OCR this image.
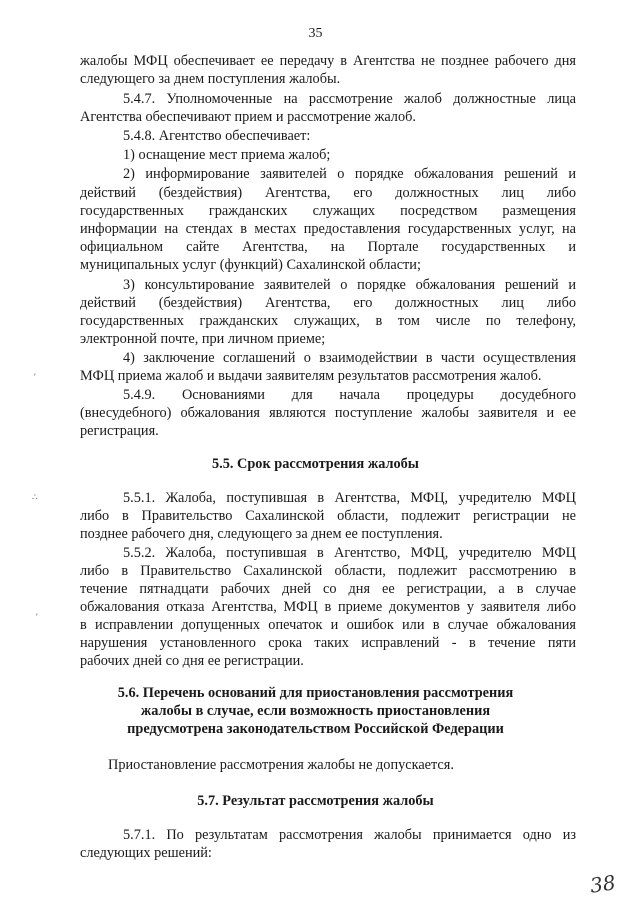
35
жалобы МФЦ обеспечивает ее передачу в Агентства не позднее рабочего дня
следующего за днем поступления жалобы.
5.4.7. Уполномоченные на рассмотрение жалоб должностные лица
Агентства обеспечивают прием и рассмотрение жалоб.
5.4.8. Агентство обеспечивает:
1) оснащение мест приема жалоб;
2) информирование заявителей о порядке обжалования решений и
действий (бездействия) Агентства, его должностных лиц либо
государственных гражданских служащих посредством размещения
информации на стендах в местах предоставления государственных услуг, на
официальном сайте Агентства, на Портале государственных и
муниципальных услуг (функций) Сахалинской области;
3) консультирование заявителей о порядке обжалования решений и
действий (бездействия) Агентства, его должностных лиц либо
государственных гражданских служащих, в том числе по телефону,
электронной почте, при личном приеме;
4) заключение соглашений о взаимодействии в части осуществления
МФЦ приема жалоб и выдачи заявителям результатов рассмотрения жалоб.
5.4.9. Основаниями для начала процедуры досудебного
(внесудебного) обжалования являются поступление жалобы заявителя и ее
регистрация.
5.5. Срок рассмотрения жалобы
5.5.1. Жалоба, поступившая в Агентства, МФЦ, учредителю МФЦ
либо в Правительство Сахалинской области, подлежит регистрации не
позднее рабочего дня, следующего за днем ее поступления.
5.5.2. Жалоба, поступившая в Агентство, МФЦ, учредителю МФЦ
либо в Правительство Сахалинской области, подлежит рассмотрению в
течение пятнадцати рабочих дней со дня ее регистрации, а в случае
обжалования отказа Агентства, МФЦ в приеме документов у заявителя либо
в исправлении допущенных опечаток и ошибок или в случае обжалования
нарушения установленного срока таких исправлений - в течение пяти
рабочих дней со дня ее регистрации.
5.6. Перечень оснований для приостановления рассмотрения
жалобы в случае, если возможность приостановления
предусмотрена законодательством Российской Федерации
Приостановление рассмотрения жалобы не допускается.
5.7. Результат рассмотрения жалобы
5.7.1. По результатам рассмотрения жалобы принимается одно из
следующих решений:
′
∴
′
38
